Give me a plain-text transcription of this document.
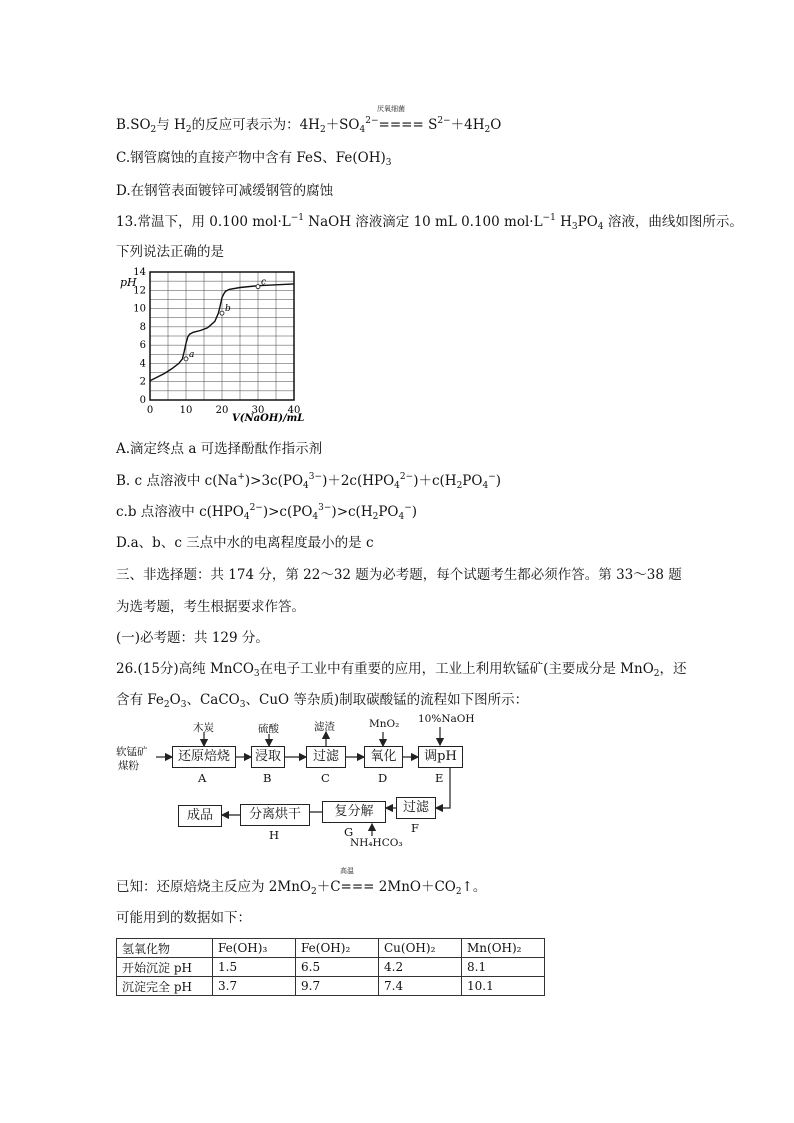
$B.SO_2$与 $H_2$的反应可表示为：$4H_2+SO_4^{2-}==== S^{2-}+4H_2O$
厌氧细菌
C.钢管腐蚀的直接产物中含有 FeS、$Fe(OH)_3$
D.在钢管表面镀锌可减缓钢管的腐蚀
13.常温下，用 0.100 $mol\cdot L^{-1}$ NaOH 溶液滴定 10 mL 0.100 $mol\cdot L^{-1}$ $H_3PO_4$ 溶液，曲线如图所示。
下列说法正确的是
a
b
c
0	10 20 30 40
0
2
4
6
8
10
12
14
pH
V(NaOH)/mL
A.滴定终点 a 可选择酚酞作指示剂
B. c 点溶液中 $c(Na^+)>3c(PO_4^{3-})+2c(HPO_4^{2-})+c(H_2PO_4^-)$
c.b 点溶液中 $c(HPO_4^{2-})>c(PO_4^{3-})>c(H_2PO_4^-)$
D.a、b、c 三点中水的电离程度最小的是 c
三、非选择题：共 174 分，第 22～32 题为必考题，每个试题考生都必须作答。第 33～38 题
为选考题，考生根据要求作答。
(一)必考题：共 129 分。
26.(15分)高纯 MnCO$_3$在电子工业中有重要的应用，工业上利用软锰矿(主要成分是 MnO$_2$，还
含有 $Fe_2O_3$、CaCO$_3$、CuO 等杂质)制取碳酸锰的流程如下图所示：
软锰矿
煤粉
还原焙烧
A
浸取
B
过滤
C
氧化
D
调pH
E
过滤
F
复分解
G
分离烘干
H
成品
木炭	硫酸	滤渣	MnO₂ 10%NaOH
NH₄HCO₃
已知：还原焙烧主反应为 $2MnO_2+C=== 2MnO+CO_2↑$。
高温
可能用到的数据如下：
氢氧化物	Fe(OH)₃	Fe(OH)₂	Cu(OH)₂	Mn(OH)₂
开始沉淀 pH	1.5	6.5	4.2	8.1
沉淀完全 pH	3.7	9.7	7.4	10.1
